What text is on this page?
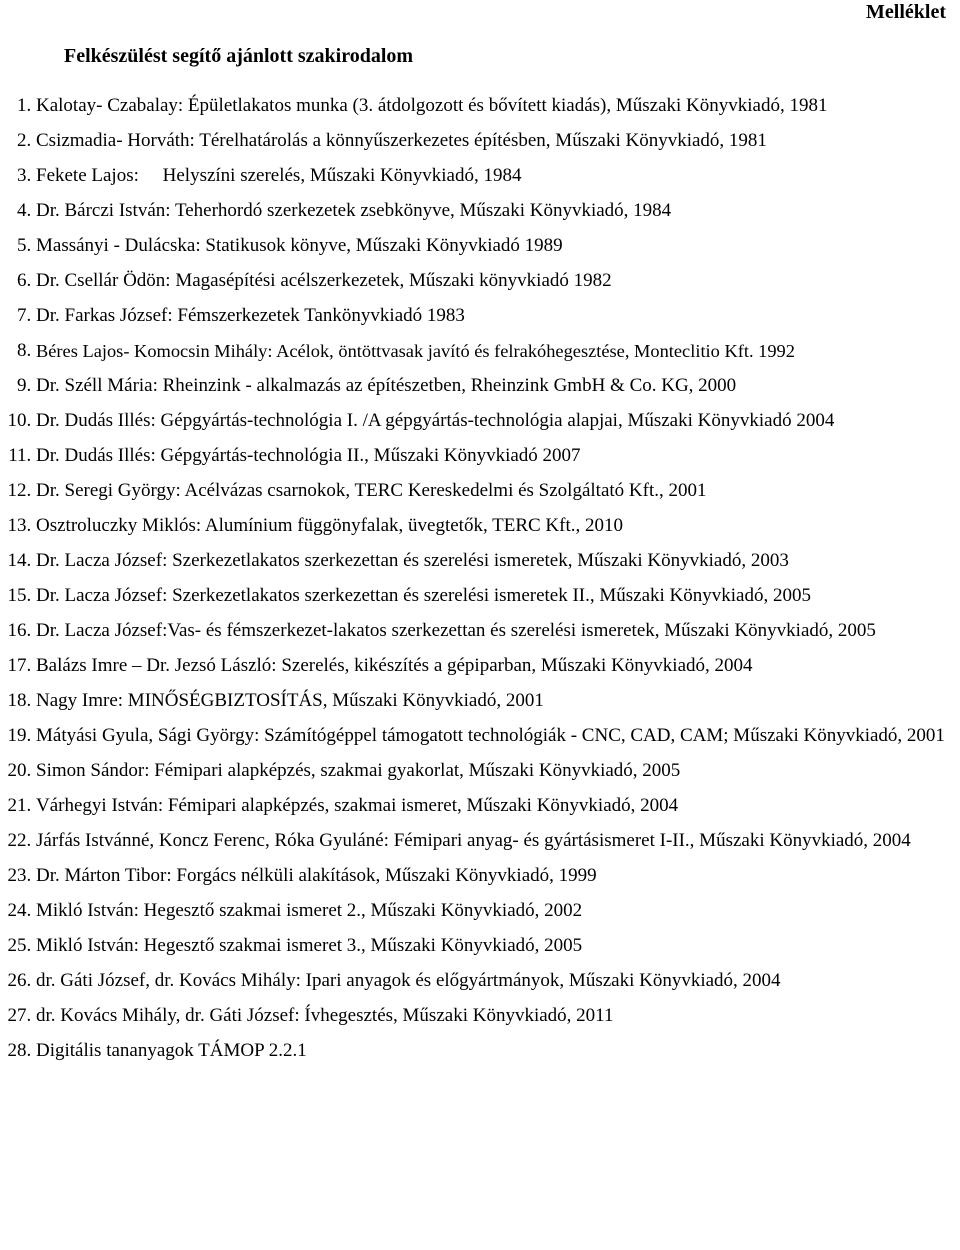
Melléklet
Felkészülést segítő ajánlott szakirodalom
1. Kalotay- Czabalay: Épületlakatos munka (3. átdolgozott és bővített kiadás), Műszaki Könyvkiadó, 1981
2. Csizmadia- Horváth: Térelhatárolás a könnyűszerkezetes építésben, Műszaki Könyvkiadó, 1981
3. Fekete Lajos:     Helyszíni szerelés, Műszaki Könyvkiadó, 1984
4. Dr. Bárczi István: Teherhordó szerkezetek zsebkönyve, Műszaki Könyvkiadó, 1984
5. Massányi - Dulácska: Statikusok könyve, Műszaki Könyvkiadó 1989
6. Dr. Csellár Ödön: Magasépítési acélszerkezetek, Műszaki könyvkiadó 1982
7. Dr. Farkas József: Fémszerkezetek Tankönyvkiadó 1983
8. Béres Lajos- Komocsin Mihály: Acélok, öntöttvasak javító és felrakóhegesztése, Monteclitio Kft. 1992
9. Dr. Széll Mária: Rheinzink - alkalmazás az építészetben, Rheinzink GmbH & Co. KG, 2000
10. Dr. Dudás Illés: Gépgyártás-technológia I. /A gépgyártás-technológia alapjai, Műszaki Könyvkiadó 2004
11. Dr. Dudás Illés: Gépgyártás-technológia II., Műszaki Könyvkiadó 2007
12. Dr. Seregi György: Acélvázas csarnokok, TERC Kereskedelmi és Szolgáltató Kft., 2001
13. Osztroluczky Miklós: Alumínium függönyfalak, üvegtetők, TERC Kft., 2010
14. Dr. Lacza József: Szerkezetlakatos szerkezettan és szerelési ismeretek, Műszaki Könyvkiadó, 2003
15. Dr. Lacza József: Szerkezetlakatos szerkezettan és szerelési ismeretek II., Műszaki Könyvkiadó, 2005
16. Dr. Lacza József:Vas- és fémszerkezet-lakatos szerkezettan és szerelési ismeretek, Műszaki Könyvkiadó, 2005
17. Balázs Imre – Dr. Jezsó László: Szerelés, kikészítés a gépiparban, Műszaki Könyvkiadó, 2004
18. Nagy Imre: MINŐSÉGBIZTOSÍTÁS, Műszaki Könyvkiadó, 2001
19. Mátyási Gyula, Sági György: Számítógéppel támogatott technológiák - CNC, CAD, CAM; Műszaki Könyvkiadó, 2001
20. Simon Sándor: Fémipari alapképzés, szakmai gyakorlat, Műszaki Könyvkiadó, 2005
21. Várhegyi István: Fémipari alapképzés, szakmai ismeret, Műszaki Könyvkiadó, 2004
22. Járfás Istvánné, Koncz Ferenc, Róka Gyuláné: Fémipari anyag- és gyártásismeret I-II., Műszaki Könyvkiadó, 2004
23. Dr. Márton Tibor: Forgács nélküli alakítások, Műszaki Könyvkiadó, 1999
24. Mikló István: Hegesztő szakmai ismeret 2., Műszaki Könyvkiadó, 2002
25. Mikló István: Hegesztő szakmai ismeret 3., Műszaki Könyvkiadó, 2005
26. dr. Gáti József, dr. Kovács Mihály: Ipari anyagok és előgyártmányok, Műszaki Könyvkiadó, 2004
27. dr. Kovács Mihály, dr. Gáti József: Ívhegesztés, Műszaki Könyvkiadó, 2011
28. Digitális tananyagok TÁMOP 2.2.1
